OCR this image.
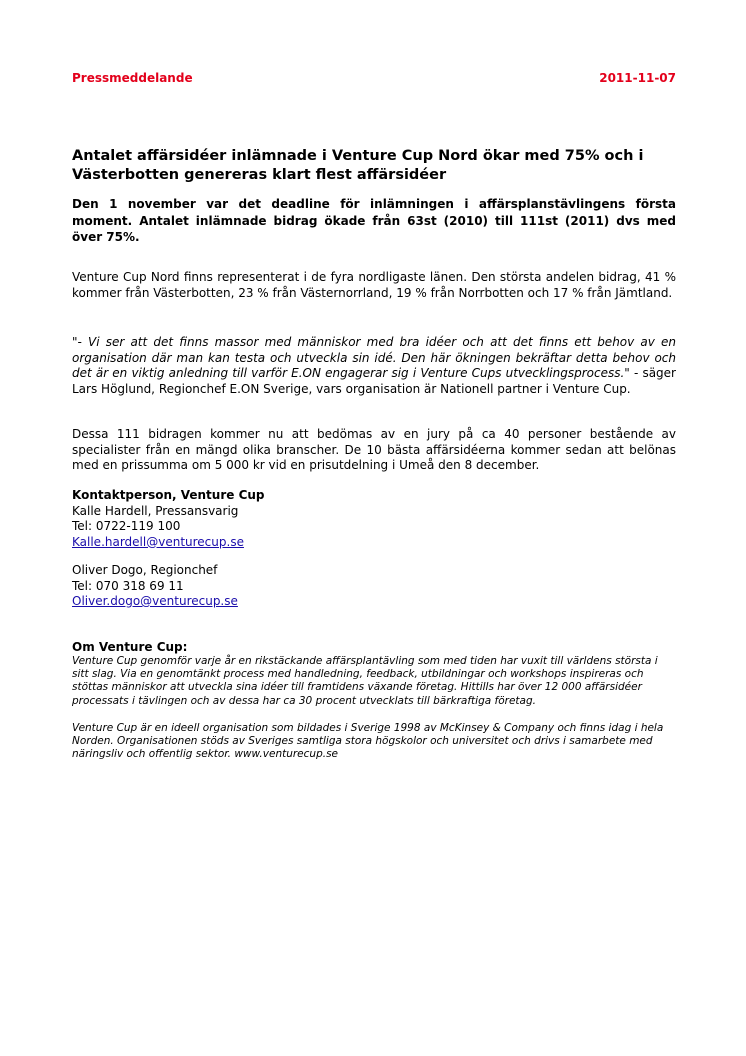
Pressmeddelande	2011-11-07
Antalet affärsidéer inlämnade i Venture Cup Nord ökar med 75% och i Västerbotten genereras klart flest affärsidéer

Den 1 november var det deadline för inlämningen i affärsplanstävlingens första moment. Antalet inlämnade bidrag ökade från 63st (2010) till 111st (2011) dvs med över 75%.

Venture Cup Nord finns representerat i de fyra nordligaste länen. Den största andelen bidrag, 41 % kommer från Västerbotten, 23 % från Västernorrland, 19 % från Norrbotten och 17 % från Jämtland.

"- Vi ser att det finns massor med människor med bra idéer och att det finns ett behov av en organisation där man kan testa och utveckla sin idé. Den här ökningen bekräftar detta behov och det är en viktig anledning till varför E.ON engagerar sig i Venture Cups utvecklingsprocess." - säger Lars Höglund, Regionchef E.ON Sverige, vars organisation är Nationell partner i Venture Cup.

Dessa 111 bidragen kommer nu att bedömas av en jury på ca 40 personer bestående av specialister från en mängd olika branscher. De 10 bästa affärsidéerna kommer sedan att belönas med en prissumma om 5 000 kr vid en prisutdelning i Umeå den 8 december.

Kontaktperson, Venture Cup
Kalle Hardell, Pressansvarig
Tel: 0722-119 100
Kalle.hardell@venturecup.se
Oliver Dogo, Regionchef
Tel: 070 318 69 11
Oliver.dogo@venturecup.se
Om Venture Cup:

Venture Cup genomför varje år en rikstäckande affärsplantävling som med tiden har vuxit till världens största i sitt slag. Via en genomtänkt process med handledning, feedback, utbildningar och workshops inspireras och stöttas människor att utveckla sina idéer till framtidens växande företag. Hittills har över 12 000 affärsidéer processats i tävlingen och av dessa har ca 30 procent utvecklats till bärkraftiga företag.

Venture Cup är en ideell organisation som bildades i Sverige 1998 av McKinsey & Company och finns idag i hela Norden. Organisationen stöds av Sveriges samtliga stora högskolor och universitet och drivs i samarbete med näringsliv och offentlig sektor. www.venturecup.se
